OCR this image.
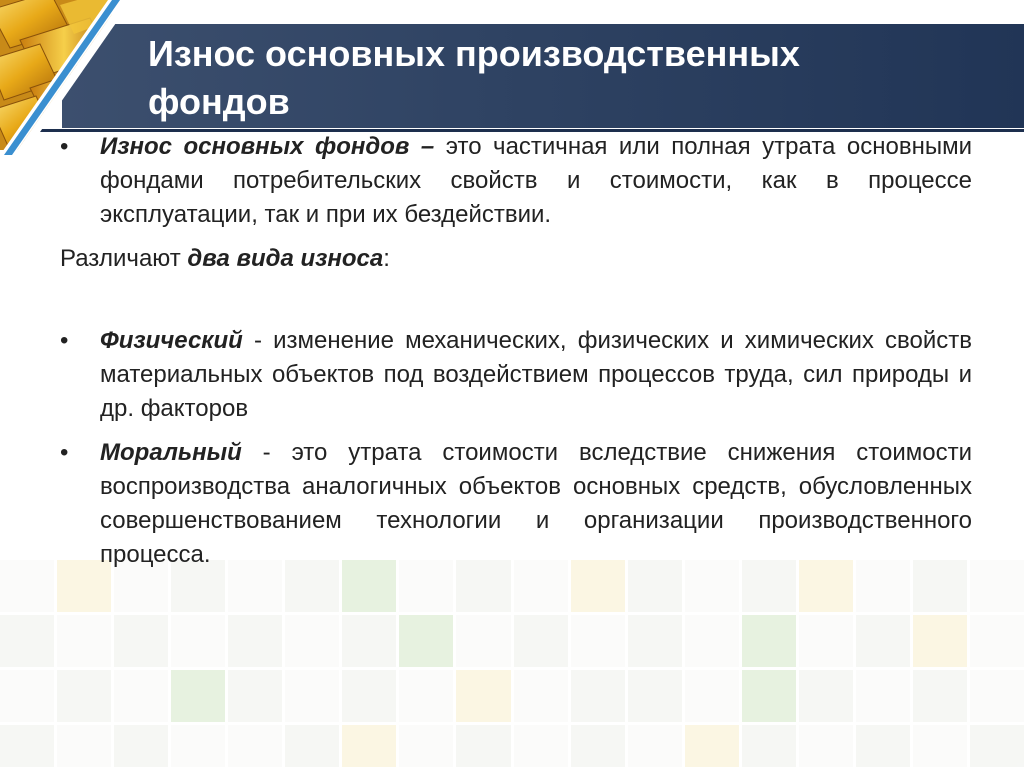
Износ основных производственных
фондов
• Износ основных фондов – это частичная или полная утрата основными фондами потребительских свойств и стоимости, как в процессе эксплуатации, так и при их бездействии.
Различают два вида износа:
• Физический - изменение механических, физических и химических свойств материальных объектов под воздействием процессов труда, сил природы и др. факторов
• Моральный - это утрата стоимости вследствие снижения стоимости воспроизводства аналогичных объектов основных средств, обусловленных совершенствованием технологии и организации производственного процесса.
